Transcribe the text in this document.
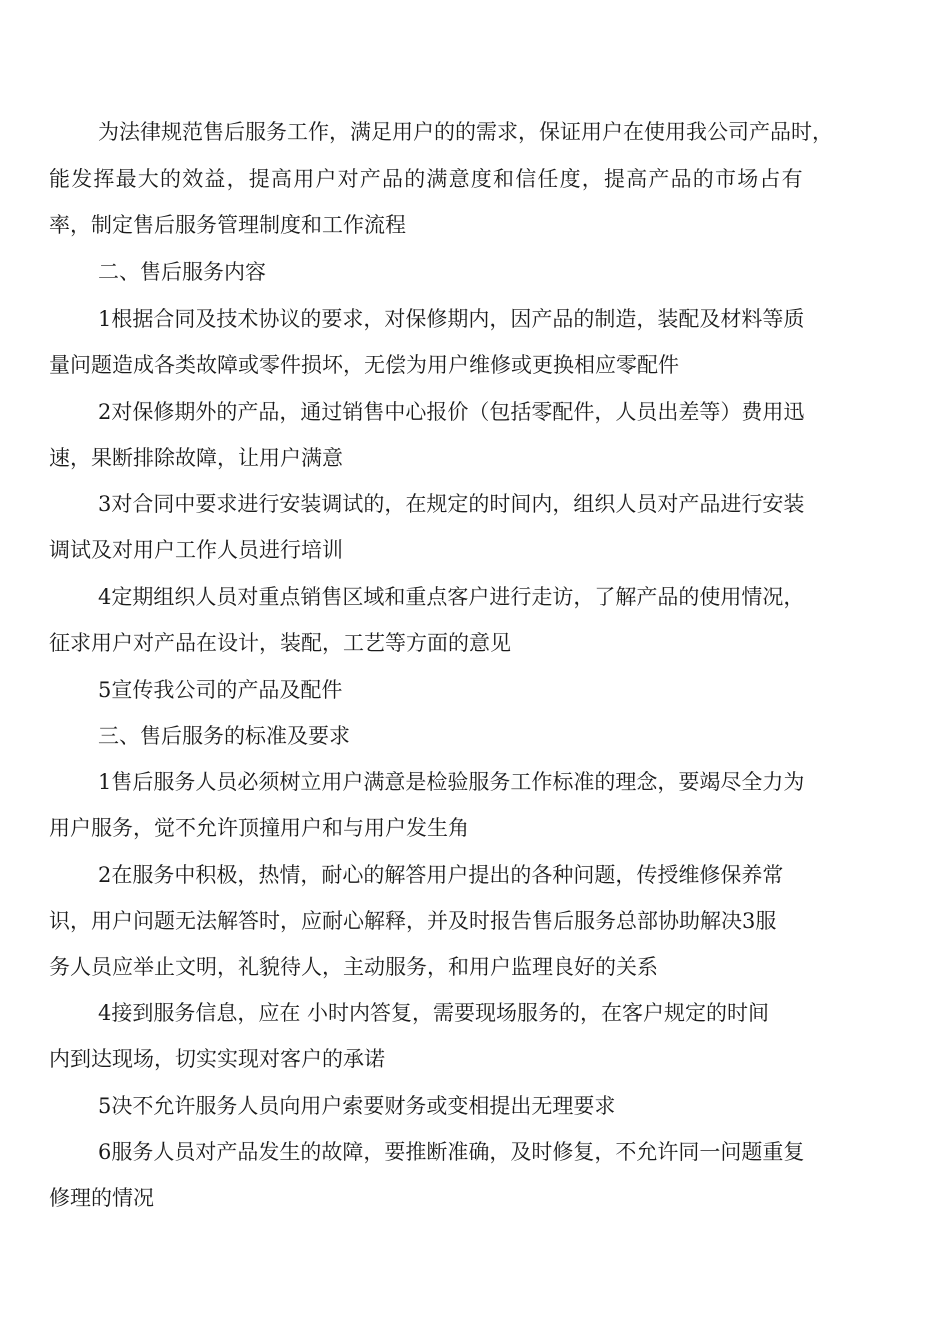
为法律规范售后服务工作，满足用户的的需求，保证用户在使用我公司产品时，
能发挥最大的效益，提高用户对产品的满意度和信任度，提高产品的市场占有
率，制定售后服务管理制度和工作流程
二、售后服务内容
1根据合同及技术协议的要求，对保修期内，因产品的制造，装配及材料等质
量问题造成各类故障或零件损坏，无偿为用户维修或更换相应零配件
2对保修期外的产品，通过销售中心报价（包括零配件，人员出差等）费用迅
速，果断排除故障，让用户满意
3对合同中要求进行安装调试的，在规定的时间内，组织人员对产品进行安装
调试及对用户工作人员进行培训
4定期组织人员对重点销售区域和重点客户进行走访，了解产品的使用情况，
征求用户对产品在设计，装配，工艺等方面的意见
5宣传我公司的产品及配件
三、售后服务的标准及要求
1售后服务人员必须树立用户满意是检验服务工作标准的理念，要竭尽全力为
用户服务，觉不允许顶撞用户和与用户发生角
2在服务中积极，热情，耐心的解答用户提出的各种问题，传授维修保养常
识，用户问题无法解答时，应耐心解释，并及时报告售后服务总部协助解决3服
务人员应举止文明，礼貌待人，主动服务，和用户监理良好的关系
4接到服务信息，应在 小时内答复，需要现场服务的，在客户规定的时间
内到达现场，切实实现对客户的承诺
5决不允许服务人员向用户索要财务或变相提出无理要求
6服务人员对产品发生的故障，要推断准确，及时修复，不允许同一问题重复
修理的情况
